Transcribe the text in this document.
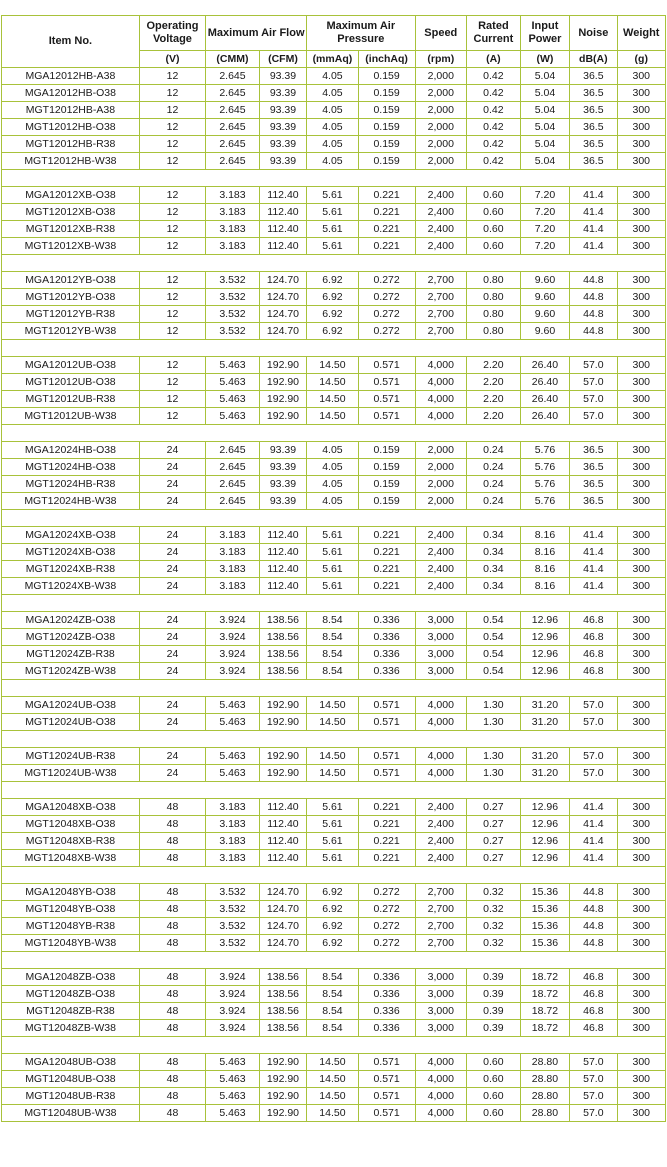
Item No.	Operating Voltage	Maximum Air Flow		Maximum Air Pressure		Speed	Rated Current	Input Power	Noise	Weight
	(V)	(CMM)	(CFM)	(mmAq)	(inchAq)	(rpm)	(A)	(W)	dB(A)	(g)
MGA12012HB-A38	12	2.645	93.39	4.05	0.159	2,000	0.42	5.04	36.5	300
MGA12012HB-O38	12	2.645	93.39	4.05	0.159	2,000	0.42	5.04	36.5	300
MGT12012HB-A38	12	2.645	93.39	4.05	0.159	2,000	0.42	5.04	36.5	300
MGT12012HB-O38	12	2.645	93.39	4.05	0.159	2,000	0.42	5.04	36.5	300
MGT12012HB-R38	12	2.645	93.39	4.05	0.159	2,000	0.42	5.04	36.5	300
MGT12012HB-W38	12	2.645	93.39	4.05	0.159	2,000	0.42	5.04	36.5	300

MGA12012XB-O38	12	3.183	112.40	5.61	0.221	2,400	0.60	7.20	41.4	300
MGT12012XB-O38	12	3.183	112.40	5.61	0.221	2,400	0.60	7.20	41.4	300
MGT12012XB-R38	12	3.183	112.40	5.61	0.221	2,400	0.60	7.20	41.4	300
MGT12012XB-W38	12	3.183	112.40	5.61	0.221	2,400	0.60	7.20	41.4	300

MGA12012YB-O38	12	3.532	124.70	6.92	0.272	2,700	0.80	9.60	44.8	300
MGT12012YB-O38	12	3.532	124.70	6.92	0.272	2,700	0.80	9.60	44.8	300
MGT12012YB-R38	12	3.532	124.70	6.92	0.272	2,700	0.80	9.60	44.8	300
MGT12012YB-W38	12	3.532	124.70	6.92	0.272	2,700	0.80	9.60	44.8	300

MGA12012UB-O38	12	5.463	192.90	14.50	0.571	4,000	2.20	26.40	57.0	300
MGT12012UB-O38	12	5.463	192.90	14.50	0.571	4,000	2.20	26.40	57.0	300
MGT12012UB-R38	12	5.463	192.90	14.50	0.571	4,000	2.20	26.40	57.0	300
MGT12012UB-W38	12	5.463	192.90	14.50	0.571	4,000	2.20	26.40	57.0	300

MGA12024HB-O38	24	2.645	93.39	4.05	0.159	2,000	0.24	5.76	36.5	300
MGT12024HB-O38	24	2.645	93.39	4.05	0.159	2,000	0.24	5.76	36.5	300
MGT12024HB-R38	24	2.645	93.39	4.05	0.159	2,000	0.24	5.76	36.5	300
MGT12024HB-W38	24	2.645	93.39	4.05	0.159	2,000	0.24	5.76	36.5	300

MGA12024XB-O38	24	3.183	112.40	5.61	0.221	2,400	0.34	8.16	41.4	300
MGT12024XB-O38	24	3.183	112.40	5.61	0.221	2,400	0.34	8.16	41.4	300
MGT12024XB-R38	24	3.183	112.40	5.61	0.221	2,400	0.34	8.16	41.4	300
MGT12024XB-W38	24	3.183	112.40	5.61	0.221	2,400	0.34	8.16	41.4	300

MGA12024ZB-O38	24	3.924	138.56	8.54	0.336	3,000	0.54	12.96	46.8	300
MGT12024ZB-O38	24	3.924	138.56	8.54	0.336	3,000	0.54	12.96	46.8	300
MGT12024ZB-R38	24	3.924	138.56	8.54	0.336	3,000	0.54	12.96	46.8	300
MGT12024ZB-W38	24	3.924	138.56	8.54	0.336	3,000	0.54	12.96	46.8	300

MGA12024UB-O38	24	5.463	192.90	14.50	0.571	4,000	1.30	31.20	57.0	300
MGT12024UB-O38	24	5.463	192.90	14.50	0.571	4,000	1.30	31.20	57.0	300

MGT12024UB-R38	24	5.463	192.90	14.50	0.571	4,000	1.30	31.20	57.0	300
MGT12024UB-W38	24	5.463	192.90	14.50	0.571	4,000	1.30	31.20	57.0	300

MGA12048XB-O38	48	3.183	112.40	5.61	0.221	2,400	0.27	12.96	41.4	300
MGT12048XB-O38	48	3.183	112.40	5.61	0.221	2,400	0.27	12.96	41.4	300
MGT12048XB-R38	48	3.183	112.40	5.61	0.221	2,400	0.27	12.96	41.4	300
MGT12048XB-W38	48	3.183	112.40	5.61	0.221	2,400	0.27	12.96	41.4	300

MGA12048YB-O38	48	3.532	124.70	6.92	0.272	2,700	0.32	15.36	44.8	300
MGT12048YB-O38	48	3.532	124.70	6.92	0.272	2,700	0.32	15.36	44.8	300
MGT12048YB-R38	48	3.532	124.70	6.92	0.272	2,700	0.32	15.36	44.8	300
MGT12048YB-W38	48	3.532	124.70	6.92	0.272	2,700	0.32	15.36	44.8	300

MGA12048ZB-O38	48	3.924	138.56	8.54	0.336	3,000	0.39	18.72	46.8	300
MGT12048ZB-O38	48	3.924	138.56	8.54	0.336	3,000	0.39	18.72	46.8	300
MGT12048ZB-R38	48	3.924	138.56	8.54	0.336	3,000	0.39	18.72	46.8	300
MGT12048ZB-W38	48	3.924	138.56	8.54	0.336	3,000	0.39	18.72	46.8	300

MGA12048UB-O38	48	5.463	192.90	14.50	0.571	4,000	0.60	28.80	57.0	300
MGT12048UB-O38	48	5.463	192.90	14.50	0.571	4,000	0.60	28.80	57.0	300
MGT12048UB-R38	48	5.463	192.90	14.50	0.571	4,000	0.60	28.80	57.0	300
MGT12048UB-W38	48	5.463	192.90	14.50	0.571	4,000	0.60	28.80	57.0	300
